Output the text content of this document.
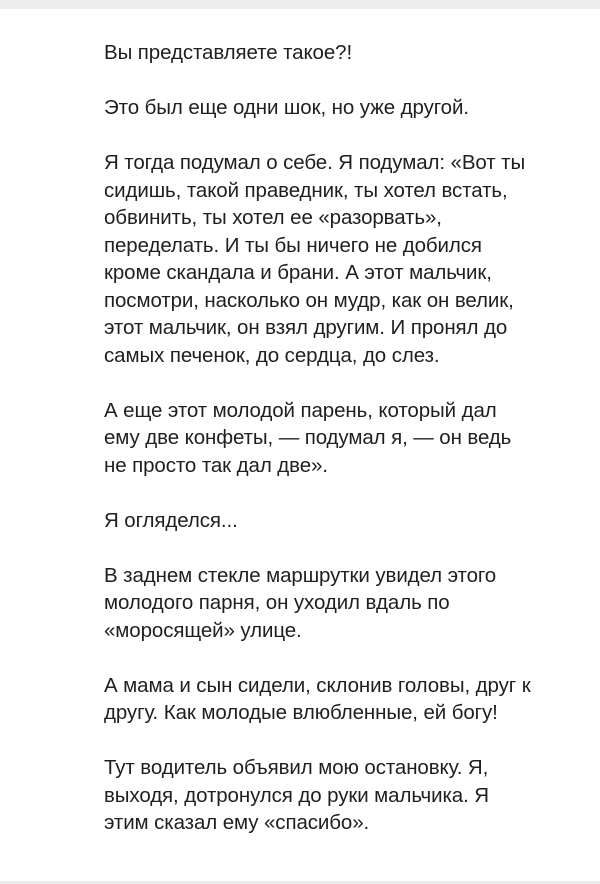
Вы представляете такое?!

Это был еще одни шок, но уже другой.

Я тогда подумал о себе. Я подумал: «Вот ты сидишь, такой праведник, ты хотел встать, обвинить, ты хотел ее «разорвать», переделать. И ты бы ничего не добился кроме скандала и брани. А этот мальчик, посмотри, насколько он мудр, как он велик, этот мальчик, он взял другим. И пронял до самых печенок, до сердца, до слез.

А еще этот молодой парень, который дал ему две конфеты, — подумал я, — он ведь не просто так дал две».

Я огляделся...

В заднем стекле маршрутки увидел этого молодого парня, он уходил вдаль по «моросящей» улице.

А мама и сын сидели, склонив головы, друг к другу. Как молодые влюбленные, ей богу!

Тут водитель объявил мою остановку. Я, выходя, дотронулся до руки мальчика. Я этим сказал ему «спасибо».
